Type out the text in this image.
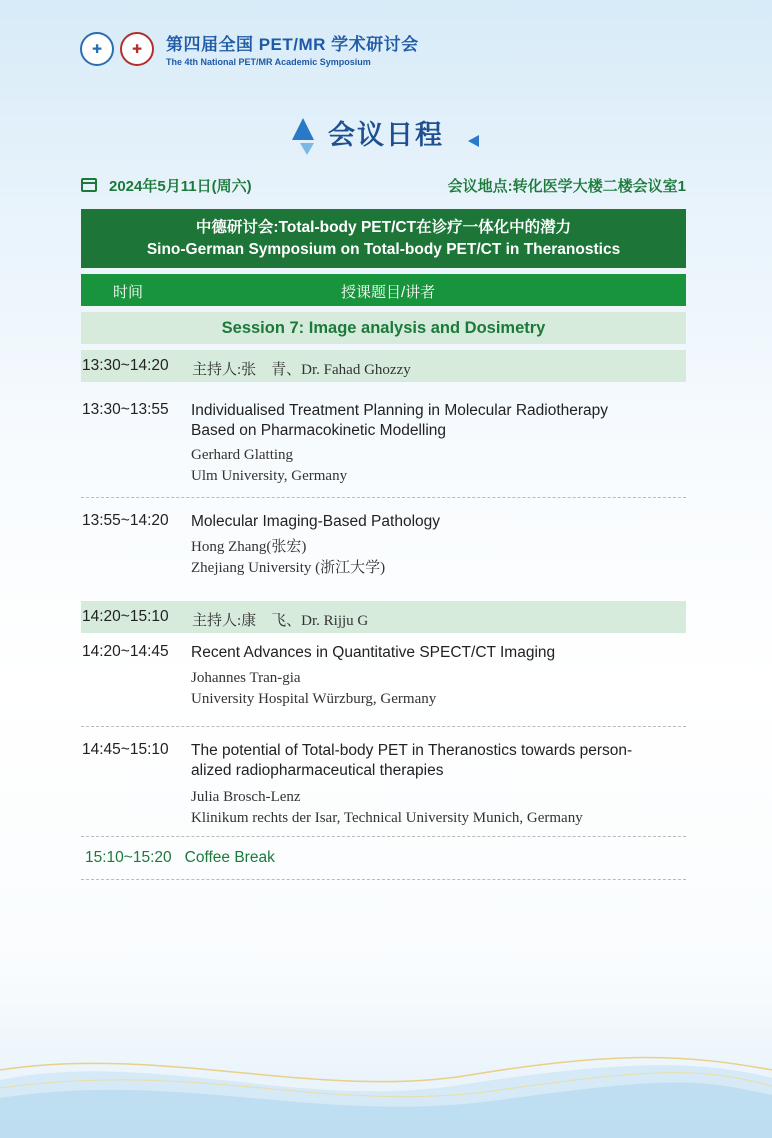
✚ ✚ 第四届全国 PET/MR 学术研讨会
The 4th National PET/MR Academic Symposium
会议日程
2024年5月11日(周六)	会议地点:转化医学大楼二楼会议室1
中德研讨会:Total-body PET/CT在诊疗一体化中的潜力
Sino-German Symposium on Total-body PET/CT in Theranostics
时间	授课题目/讲者
Session 7: Image analysis and Dosimetry
13:30~14:20 主持人:张　青、Dr. Fahad Ghozzy
13:30~13:55 Individualised Treatment Planning in Molecular Radiotherapy
Based on Pharmacokinetic Modelling
Gerhard Glatting
Ulm University, Germany
13:55~14:20 Molecular Imaging-Based Pathology
Hong Zhang(张宏)
Zhejiang University (浙江大学)
14:20~15:10 主持人:康　飞、Dr. Rijju G
14:20~14:45 Recent Advances in Quantitative SPECT/CT Imaging
Johannes Tran-gia
University Hospital Würzburg, Germany
14:45~15:10 The potential of Total-body PET in Theranostics towards person-
alized radiopharmaceutical therapies
Julia Brosch-Lenz
Klinikum rechts der Isar, Technical University Munich, Germany
15:10~15:20 Coffee Break
